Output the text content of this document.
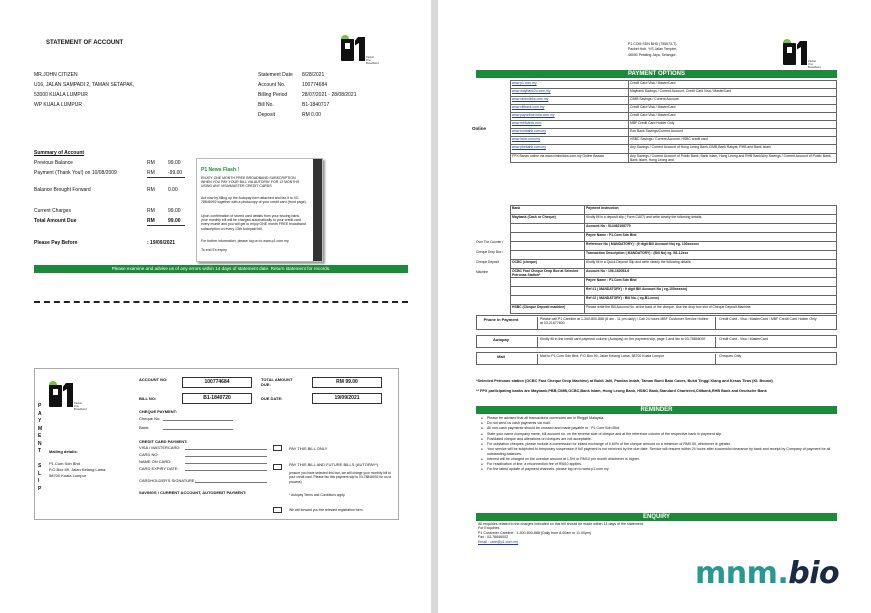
STATEMENT OF ACCOUNT
Packet One Broadband
MR.JOHN CITIZEN
U16, JALAN SAMPADI 2, TAMAN SETAPAK,
53000 KUALA LUMPUR
WP KUALA LUMPUR
Summary of Account
Please Pay Before	: 19/09/2021
P1 News Flash !
ENJOY ONE MONTH FREE BROADBAND SUBSCRIPTION WHEN YOU PAY YOUR BILL VIA AUTOPAY FOR 12 MONTHS USING ANY VISA/MASTER CREDIT CARDS
Act now by filling up the Autopay form attached and fax it to 03-78846092 together with a photocopy of your credit card (front page).
Upon confirmation of stored card details from your issuing bank, your monthly bill will be charged automatically to your credit card every month and you will get to enjoy ONE month FREE broadband subscription on every 13th Autopaid bill.
For further information, please log on to www.p1.com.my
To end Ex expiry
Please examine and advise us of any errors within 14 days of statement date. Return statement for records.
P
A
Y
M
E
N
T
S
L
I
P
Packet One Broadband
ACCOUNT NO:	100774684	TOTAL AMOUNT DUE:	RM 99.00
BILL NO:	B1-1840720	DUE DATE:	19/09/2021
CHEQUE PAYMENT:
Cheque No:
Bank:
CREDIT CARD PAYMENT:
VISA / MASTERCARD:
CARD NO:
NAME ON CARD:
CARD EXPIRY DATE:
CARDHOLDER'S SIGNATURE:
SAVINGS / CURRENT ACCOUNT, AUTODEBIT PAYMENT:
Mailing details:
P1.Com Sdn Bhd
P.O.Box 89, Jalan Kelang Lama
58700 Kuala Lumpur
PAY THIS BILL ONLY
PAY THIS BILL AND FUTURE BILLS (AUTOPAY*)
(ensure you have selected this box, we will charge your monthly bill to your credit card. Please fax this payment slip to 03-78846092 for us to process)
* Autopay Terms and Conditions apply.
We will forward you the relevant registration form.
Statement Date 8/28/2021
Account No.	100774684
Billing Period	28/07/2021 - 28/08/2021
Bill No.	B1-1840717
Deposit	RM 0.00
Previous Balance	RM	99.00
Payment (Thank You!) on 10/08/2009	RM	-99.00
Balance Brought Forward	RM	0.00
Current Charges	RM	99.00
Total Amount Due	RM	99.00
P1.COM SDN BHD (755573-T)
Packet Hub, Y/S Jalan Templer,
46050 Petaling Jaya, Selangor.
Packet One Broadband
PAYMENT OPTIONS
Online
www.p1.com.my	Credit Card Visa / MasterCard
www.maybank2u.com.my	Maybank Savings / Current Account, Credit Card Visa / MasterCard
www.cimbclicks.com.my	CIMB Savings / Current Account
www.citibank.com.my	Credit Card Visa / MasterCard
www.payonline.cola.com.my	Credit Card Visa / MasterCard
www.mbfcards.com	MBF Credit Card Holder Only
www.eonbank.com.my	Eon Bank Savings/Current Account
www.hsbc.com.my	HSBC Savings / Current Account, HSBC credit card
www.pbebank.com.my	Any Savings / Current Account of Hong Leong Bank,CIMB,Bank Rakyat, RHB and Bank Islam
FPX Banks online via www.cimbclicks.com.my Online Bazaar	Any Savings / Current Account of Public Bank, Bank Islam, Hong Leong and RHB Bank/Any Savings / Current Account of Public Bank, Bank Islam, Hong Leong and
Over The Counter / Cheque Drop Box / Cheque Deposit Machine
Bank	Payment Instruction
Maybank (Cash or Cheque)	Kindly fill in a deposit slip ( Form CA07) and write clearly the following details;
	Account No : 514462108779
	Payee Name : P1.Com Sdn Bhd
	Reference No ( MANDATORY) : (9 digit Bill Account No) eg- 100xxxxxx
	Transaction Description ( MANDATORY) : (Bill No) eg- B1-12xxx
OCBC (cheque)	Kindly fill in a Quick Deposit Slip and write clearly the following details;
OCBC Fast Cheque Drop Box at Selected Petronas Station*	Account No : 106-162053-6
	Payee Name : P1.Com Sdn Bhd
	Ref #1 ( MANDATORY) : 9 digit Bill Account No ( eg-100xxxxxx)
	Ref #2 ( MANDATORY) : Bill No. ( eg-B1-xxxx)
HSBC (Cheque Deposit machine)	Please write the Bill Account No. at the back of the cheque. Use the drop box slot of Cheque Deposit Machine.
Phone In Payment	Please call P1 Careline at 1-300-800-888 (8 am - 11 pm daily) / Call 24 hours MBF Customer Service Hotline at 03-21677600
Credit Card - Visa / MasterCard / MBF Credit Card Holder Only
Autopay	Kindly fill in the credit card payment column (Autopay) on the payment slip, page 1 and fax to 03-78846092	Credit Card - Visa / MasterCard
Mail	Mail to P1.Com Sdn Bhd, P.O.Box 90, Jalan Kelang Lama, 58700 Kuala Lumpur	Cheques Only
*Selected Petronas station (OCBC Fast Cheque Drop Machine) at Bukit Jalil, Pandan Indah, Taman Bumi Batu Caves, Bukit Tinggi Klang and Kesas Tiras (KL Bound)
** FPX participating banks are Maybank,PBB,CIMB,OCBC,Bank Islam, Hong Leong Bank, HSBC Bank,Standard Chartered,Citibank,RHB Bank and Deutsche Bank
REMINDER
● Please be advised that all transactions currencies are in Ringgit Malaysia.
● Do not send us cash payments via mail.
● All non-cash payments should be crossed and made payable to : P1.Com Sdn Bhd.
● State your name /company name, bill account no. on the reverse side of cheque and at the reference column of the respective bank in payment slip.
● Postdated cheque and alterations on cheques are not acceptable.
● For outstation cheques, please include a commission for inland exchange of 0.60% of the cheque amount on a minimum of RM0.50, whichever is greater.
● Your service will be subjected to temporary suspension if full payment is not received by the due date. Service will resume within 24 hours after successful clearance by bank and receipt by Company of payment for all outstanding balances.
● Interest will be charged on the overdue amount at 1.5% or RM10 per month whichever is higher.
● For reactivation of line, a reconnection fee of RM10 applies.
● For the latest update of payment channels, please log on to www.p1.com.my
ENQUIRY
All enquiries related to the charges indicated on this bill should be made within 14 days of the statement.
For Enquiries
P1 Customer Careline : 1-300-800-888 (Daily from 8.00am to 11.00pm)
Fax : 03-78846002
Email : care@p1.com.my
mnm.bio
